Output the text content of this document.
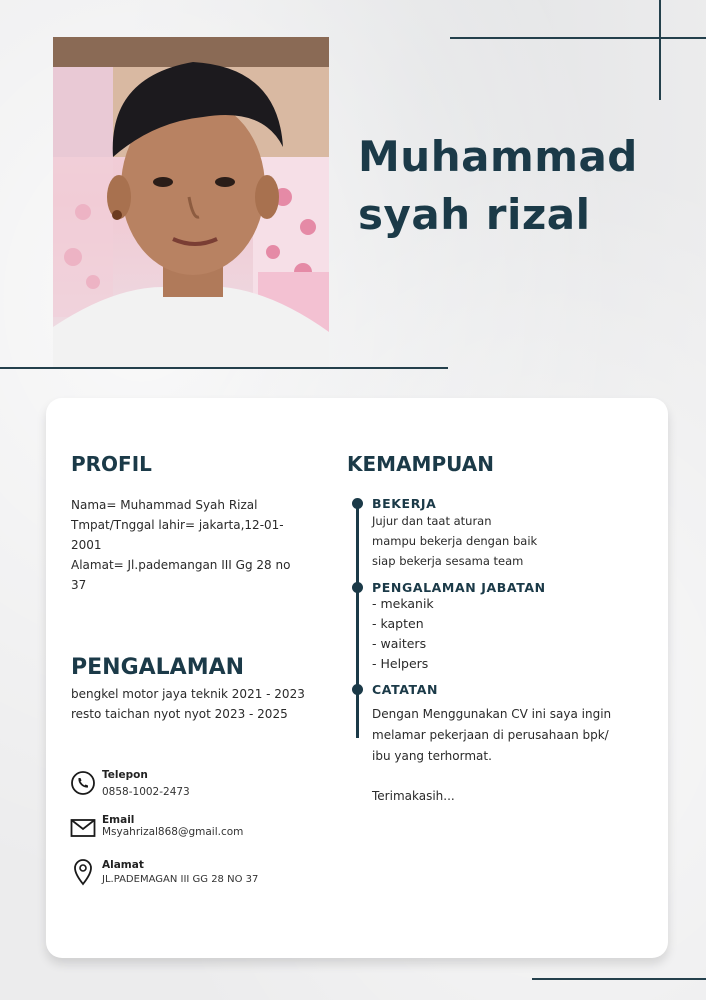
Muhammad
syah rizal
PROFIL
Nama= Muhammad Syah Rizal
Tmpat/Tnggal lahir= jakarta,12-01-
2001
Alamat= Jl.pademangan III Gg 28 no
37
PENGALAMAN
bengkel motor jaya teknik 2021 - 2023
resto taichan nyot nyot 2023 - 2025
Telepon
0858-1002-2473
Email
Msyahrizal868@gmail.com
Alamat
JL.PADEMAGAN III GG 28 NO 37
KEMAMPUAN
BEKERJA
Jujur dan taat aturan
mampu bekerja dengan baik
siap bekerja sesama team
PENGALAMAN JABATAN
- mekanik
- kapten
- waiters
- Helpers
CATATAN
Dengan Menggunakan CV ini saya ingin
melamar pekerjaan di perusahaan bpk/
ibu yang terhormat.
Terimakasih...
